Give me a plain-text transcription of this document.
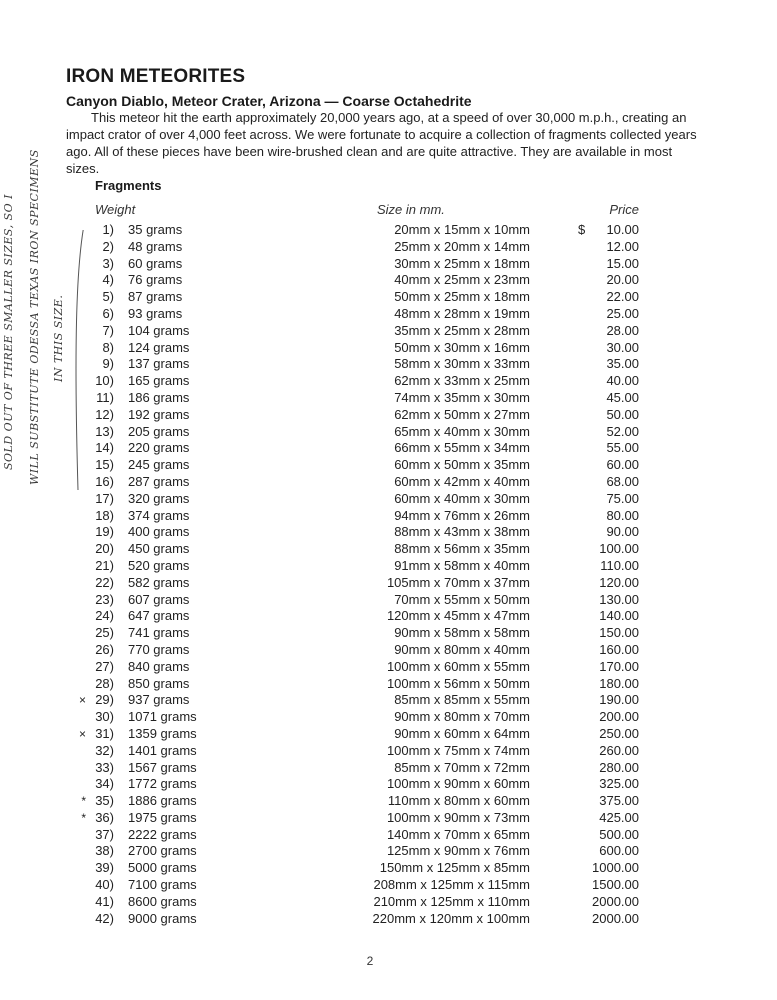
IRON METEORITES
Canyon Diablo, Meteor Crater, Arizona — Coarse Octahedrite

This meteor hit the earth approximately 20,000 years ago, at a speed of over 30,000 m.p.h., creating an impact crator of over 4,000 feet across. We were fortunate to acquire a collection of fragments collected years ago. All of these pieces have been wire-brushed clean and are quite attractive. They are available in most sizes.

Fragments
Weight	Size in mm.	Price
1) 35 grams	20mm x 15mm x 10mm	$ 10.00
2) 48 grams	25mm x 20mm x 14mm	12.00
3) 60 grams	30mm x 25mm x 18mm	15.00
4) 76 grams	40mm x 25mm x 23mm	20.00
5) 87 grams	50mm x 25mm x 18mm	22.00
6) 93 grams	48mm x 28mm x 19mm	25.00
7) 104 grams	35mm x 25mm x 28mm	28.00
8) 124 grams	50mm x 30mm x 16mm	30.00
9) 137 grams	58mm x 30mm x 33mm	35.00
10) 165 grams	62mm x 33mm x 25mm	40.00
11) 186 grams	74mm x 35mm x 30mm	45.00
12) 192 grams	62mm x 50mm x 27mm	50.00
13) 205 grams	65mm x 40mm x 30mm	52.00
14) 220 grams	66mm x 55mm x 34mm	55.00
15) 245 grams	60mm x 50mm x 35mm	60.00
16) 287 grams	60mm x 42mm x 40mm	68.00
17) 320 grams	60mm x 40mm x 30mm	75.00
18) 374 grams	94mm x 76mm x 26mm	80.00
19) 400 grams	88mm x 43mm x 38mm	90.00
20) 450 grams	88mm x 56mm x 35mm	100.00
21) 520 grams	91mm x 58mm x 40mm	110.00
22) 582 grams	105mm x 70mm x 37mm	120.00
23) 607 grams	70mm x 55mm x 50mm	130.00
24) 647 grams	120mm x 45mm x 47mm	140.00
25) 741 grams	90mm x 58mm x 58mm	150.00
26) 770 grams	90mm x 80mm x 40mm	160.00
27) 840 grams	100mm x 60mm x 55mm	170.00
28) 850 grams	100mm x 56mm x 50mm	180.00
× 29) 937 grams	85mm x 85mm x 55mm	190.00
30) 1071 grams	90mm x 80mm x 70mm	200.00
× 31) 1359 grams	90mm x 60mm x 64mm	250.00
32) 1401 grams	100mm x 75mm x 74mm	260.00
33) 1567 grams	85mm x 70mm x 72mm	280.00
34) 1772 grams	100mm x 90mm x 60mm	325.00
* 35) 1886 grams	110mm x 80mm x 60mm	375.00
* 36) 1975 grams	100mm x 90mm x 73mm	425.00
37) 2222 grams	140mm x 70mm x 65mm	500.00
38) 2700 grams	125mm x 90mm x 76mm	600.00
39) 5000 grams	150mm x 125mm x 85mm	1000.00
40) 7100 grams	208mm x 125mm x 115mm	1500.00
41) 8600 grams	210mm x 125mm x 110mm	2000.00
42) 9000 grams	220mm x 120mm x 100mm	2000.00
SOLD OUT OF THREE SMALLER SIZES, SO I WILL SUBSTITUTE ODESSA TEXAS IRON SPECIMENS IN THIS SIZE.
2
